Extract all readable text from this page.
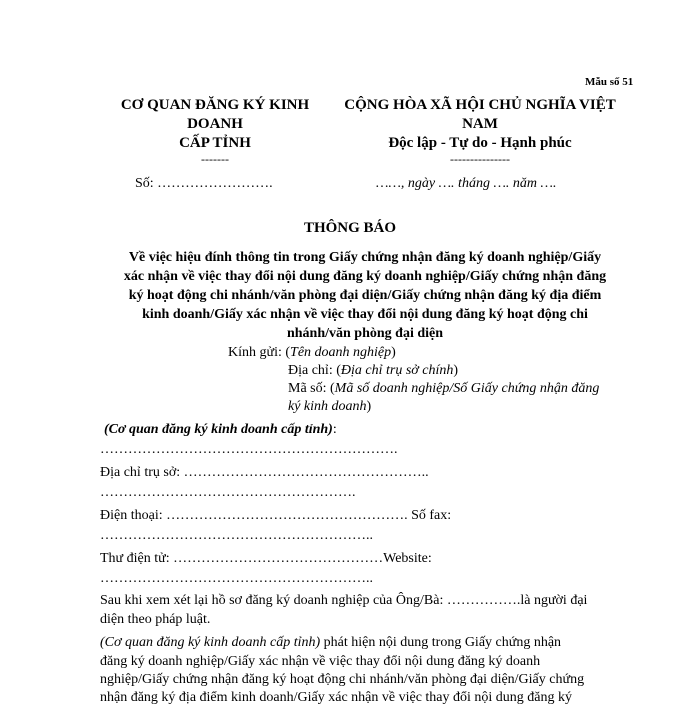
Mẫu số 51
CƠ QUAN ĐĂNG KÝ KINH
DOANH
CẤP TỈNH
-------
CỘNG HÒA XÃ HỘI CHỦ NGHĨA VIỆT
NAM
Độc lập - Tự do - Hạnh phúc
---------------
Số: …………………….	……, ngày …. tháng …. năm ….
THÔNG BÁO
Về việc hiệu đính thông tin trong Giấy chứng nhận đăng ký doanh nghiệp/Giấy
xác nhận về việc thay đổi nội dung đăng ký doanh nghiệp/Giấy chứng nhận đăng
ký hoạt động chi nhánh/văn phòng đại diện/Giấy chứng nhận đăng ký địa điểm
kinh doanh/Giấy xác nhận về việc thay đổi nội dung đăng ký hoạt động chi
nhánh/văn phòng đại diện
Kính gửi: (Tên doanh nghiệp)
Địa chỉ: (Địa chỉ trụ sở chính)
Mã số: (Mã số doanh nghiệp/Số Giấy chứng nhận đăng
ký kinh doanh)
(Cơ quan đăng ký kinh doanh cấp tỉnh):
……………………………………………………….
Địa chỉ trụ sở: ……………………………………………..
……………………………………………….
Điện thoại: ……………………………………………. Số fax:
…………………………………………………..
Thư điện tử: ………………………………………Website:
…………………………………………………..
Sau khi xem xét lại hồ sơ đăng ký doanh nghiệp của Ông/Bà: …………….là người đại
diện theo pháp luật.
(Cơ quan đăng ký kinh doanh cấp tỉnh) phát hiện nội dung trong Giấy chứng nhận
đăng ký doanh nghiệp/Giấy xác nhận về việc thay đổi nội dung đăng ký doanh
nghiệp/Giấy chứng nhận đăng ký hoạt động chi nhánh/văn phòng đại diện/Giấy chứng
nhận đăng ký địa điểm kinh doanh/Giấy xác nhận về việc thay đổi nội dung đăng ký
